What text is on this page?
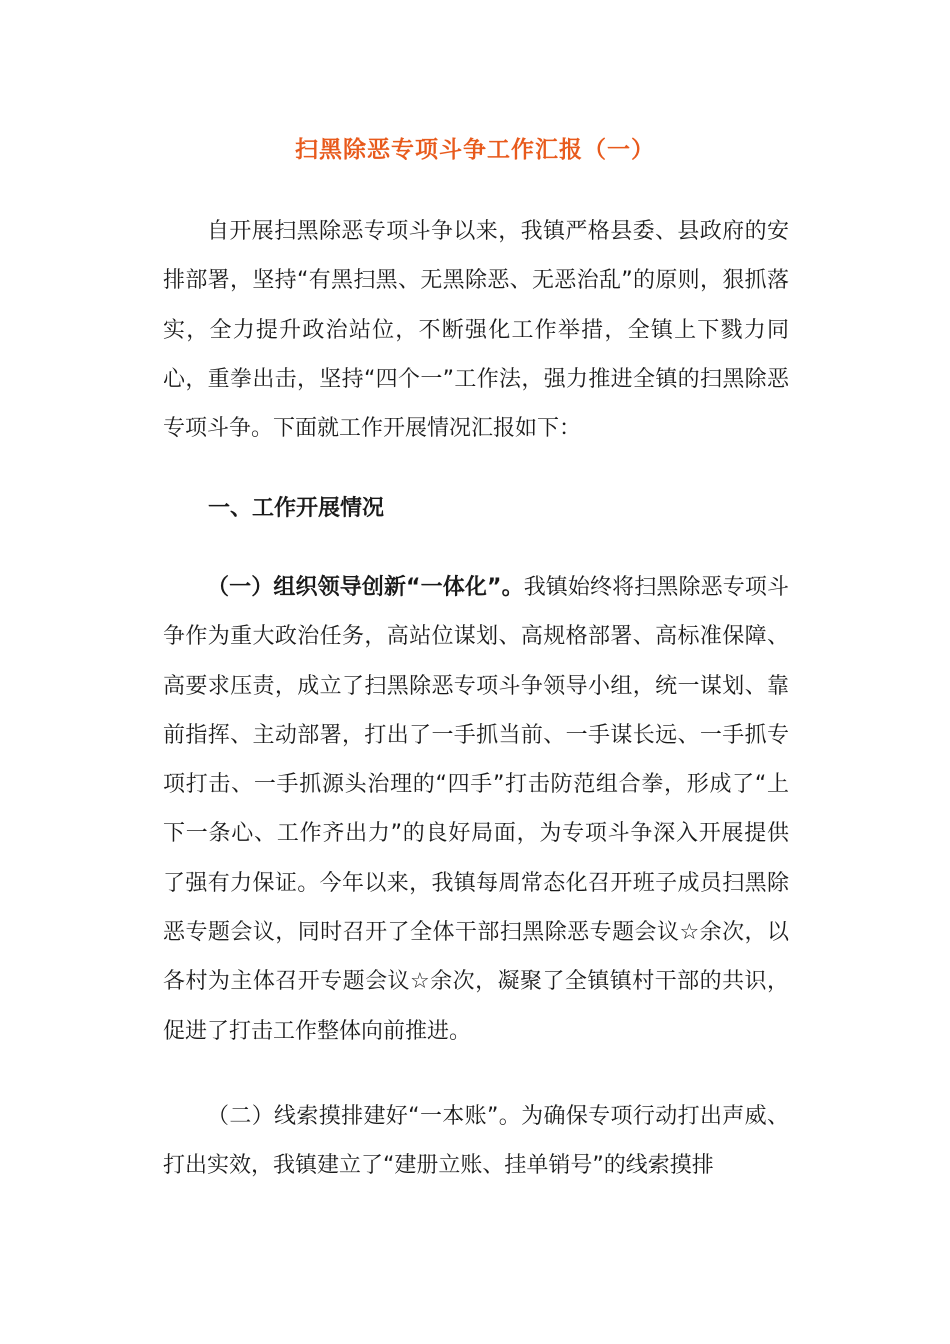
扫黑除恶专项斗争工作汇报（一）

自开展扫黑除恶专项斗争以来，我镇严格县委、县政府的安排部署，坚持“有黑扫黑、无黑除恶、无恶治乱”的原则，狠抓落实，全力提升政治站位，不断强化工作举措，全镇上下戮力同心，重拳出击，坚持“四个一”工作法，强力推进全镇的扫黑除恶专项斗争。下面就工作开展情况汇报如下：

一、工作开展情况

（一）组织领导创新“一体化”。我镇始终将扫黑除恶专项斗争作为重大政治任务，高站位谋划、高规格部署、高标准保障、高要求压责，成立了扫黑除恶专项斗争领导小组，统一谋划、靠前指挥、主动部署，打出了一手抓当前、一手谋长远、一手抓专项打击、一手抓源头治理的“四手”打击防范组合拳，形成了“上下一条心、工作齐出力”的良好局面，为专项斗争深入开展提供了强有力保证。今年以来，我镇每周常态化召开班子成员扫黑除恶专题会议，同时召开了全体干部扫黑除恶专题会议☆余次，以各村为主体召开专题会议☆余次，凝聚了全镇镇村干部的共识，促进了打击工作整体向前推进。

（二）线索摸排建好“一本账”。为确保专项行动打出声威、打出实效，我镇建立了“建册立账、挂单销号”的线索摸排
